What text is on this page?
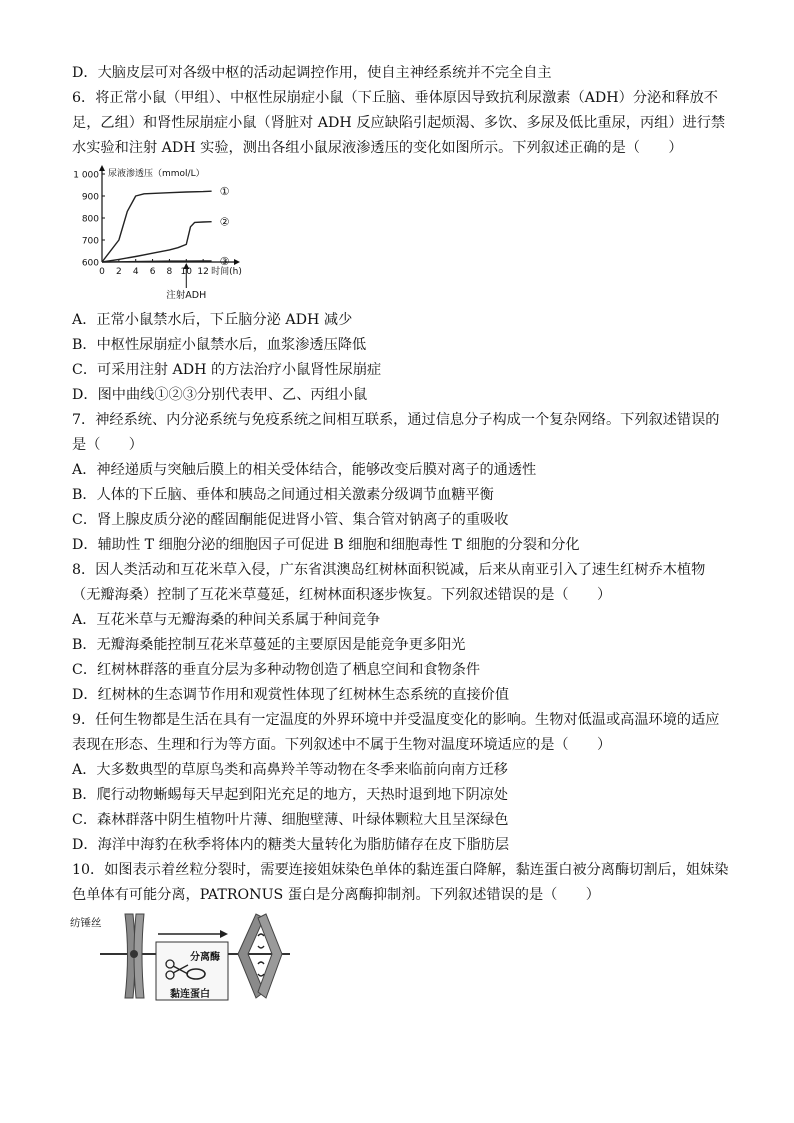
D．大脑皮层可对各级中枢的活动起调控作用，使自主神经系统并不完全自主
6．将正常小鼠（甲组）、中枢性尿崩症小鼠（下丘脑、垂体原因导致抗利尿激素（ADH）分泌和释放不
足，乙组）和肾性尿崩症小鼠（肾脏对 ADH 反应缺陷引起烦渴、多饮、多尿及低比重尿，丙组）进行禁
水实验和注射 ADH 实验，测出各组小鼠尿液渗透压的变化如图所示。下列叙述正确的是（　　）
600
700
800
900
1 000
0 2 4 6 8 10 12
尿液渗透压（mmol/L）
时间(h)
①
②
③
注射ADH
A．正常小鼠禁水后，下丘脑分泌 ADH 减少
B．中枢性尿崩症小鼠禁水后，血浆渗透压降低
C．可采用注射 ADH 的方法治疗小鼠肾性尿崩症
D．图中曲线①②③分别代表甲、乙、丙组小鼠
7．神经系统、内分泌系统与免疫系统之间相互联系，通过信息分子构成一个复杂网络。下列叙述错误的
是（　　）
A．神经递质与突触后膜上的相关受体结合，能够改变后膜对离子的通透性
B．人体的下丘脑、垂体和胰岛之间通过相关激素分级调节血糖平衡
C．肾上腺皮质分泌的醛固酮能促进肾小管、集合管对钠离子的重吸收
D．辅助性 T 细胞分泌的细胞因子可促进 B 细胞和细胞毒性 T 细胞的分裂和分化
8．因人类活动和互花米草入侵，广东省淇澳岛红树林面积锐减，后来从南亚引入了速生红树乔木植物
（无瓣海桑）控制了互花米草蔓延，红树林面积逐步恢复。下列叙述错误的是（　　）
A．互花米草与无瓣海桑的种间关系属于种间竞争
B．无瓣海桑能控制互花米草蔓延的主要原因是能竞争更多阳光
C．红树林群落的垂直分层为多种动物创造了栖息空间和食物条件
D．红树林的生态调节作用和观赏性体现了红树林生态系统的直接价值
9．任何生物都是生活在具有一定温度的外界环境中并受温度变化的影响。生物对低温或高温环境的适应
表现在形态、生理和行为等方面。下列叙述中不属于生物对温度环境适应的是（　　）
A．大多数典型的草原鸟类和高鼻羚羊等动物在冬季来临前向南方迁移
B．爬行动物蜥蜴每天早起到阳光充足的地方，天热时退到地下阴凉处
C．森林群落中阴生植物叶片薄、细胞壁薄、叶绿体颗粒大且呈深绿色
D．海洋中海豹在秋季将体内的糖类大量转化为脂肪储存在皮下脂肪层
10．如图表示着丝粒分裂时，需要连接姐妹染色单体的黏连蛋白降解，黏连蛋白被分离酶切割后，姐妹染
色单体有可能分离，PATRONUS 蛋白是分离酶抑制剂。下列叙述错误的是（　　）
纺锤丝
分离酶
黏连蛋白
